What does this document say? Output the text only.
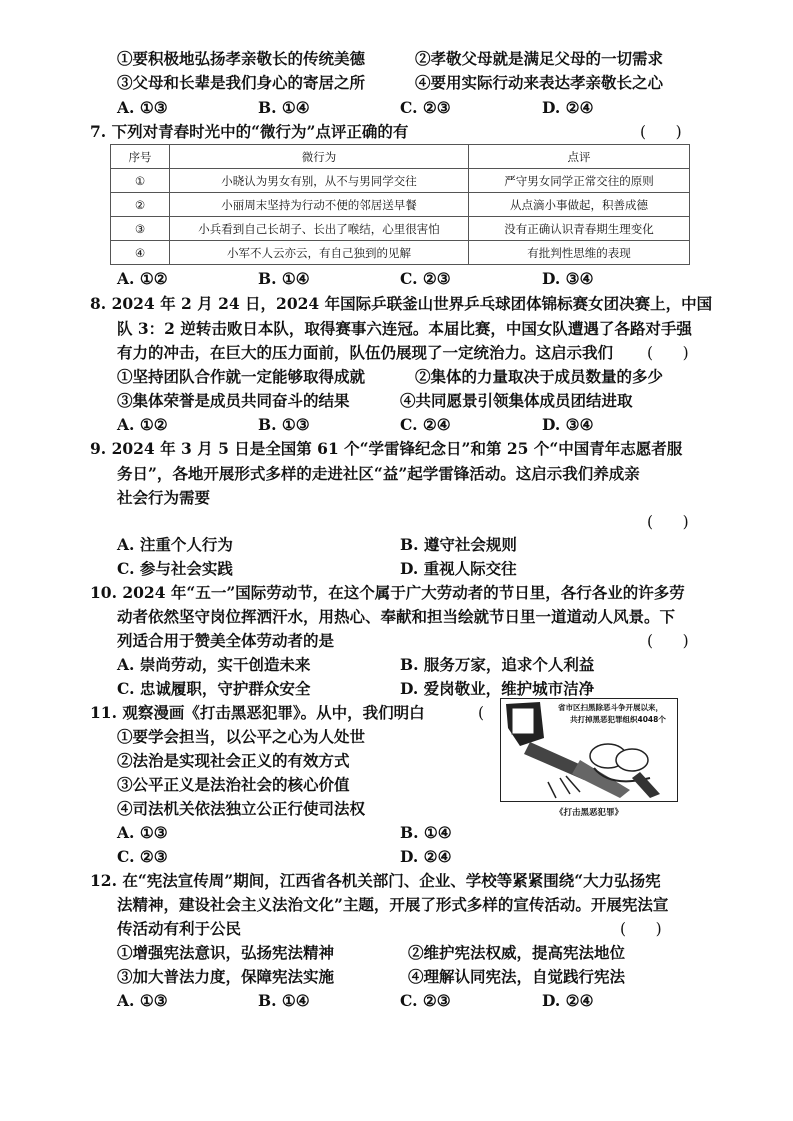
①要积极地弘扬孝亲敬长的传统美德	②孝敬父母就是满足父母的一切需求
③父母和长辈是我们身心的寄居之所	④要用实际行动来表达孝亲敬长之心
A. ①③	B. ①④	C. ②③	D. ②④
7. 下列对青春时光中的“微行为”点评正确的有	(      )
序号	微行为	点评
①	小晓认为男女有别，从不与男同学交往	严守男女同学正常交往的原则
②	小丽周末坚持为行动不便的邻居送早餐	从点滴小事做起，积善成德
③	小兵看到自己长胡子、长出了喉结，心里很害怕	没有正确认识青春期生理变化
④	小军不人云亦云，有自己独到的见解	有批判性思维的表现
A. ①②	B. ①④	C. ②③	D. ③④
8. 2024 年 2 月 24 日，2024 年国际乒联釜山世界乒乓球团体锦标赛女团决赛上，中国
队 3：2 逆转击败日本队，取得赛事六连冠。本届比赛，中国女队遭遇了各路对手强
有力的冲击，在巨大的压力面前，队伍仍展现了一定统治力。这启示我们 (      )
①坚持团队合作就一定能够取得成就	②集体的力量取决于成员数量的多少
③集体荣誉是成员共同奋斗的结果	④共同愿景引领集体成员团结进取
A. ①②	B. ①③	C. ②④	D. ③④
9. 2024 年 3 月 5 日是全国第 61 个“学雷锋纪念日”和第 25 个“中国青年志愿者服
务日”，各地开展形式多样的走进社区“益”起学雷锋活动。这启示我们养成亲
社会行为需要
(      )
A. 注重个人行为	B. 遵守社会规则
C. 参与社会实践	D. 重视人际交往
10. 2024 年“五一”国际劳动节，在这个属于广大劳动者的节日里，各行各业的许多劳
动者依然坚守岗位挥洒汗水，用热心、奉献和担当绘就节日里一道道动人风景。下
列适合用于赞美全体劳动者的是	(      )
A. 崇尚劳动，实干创造未来	B. 服务万家，追求个人利益
C. 忠诚履职，守护群众安全	D. 爱岗敬业，维护城市洁净
11. 观察漫画《打击黑恶犯罪》。从中，我们明白	(
①要学会担当，以公平之心为人处世
②法治是实现社会正义的有效方式
③公平正义是法治社会的核心价值
④司法机关依法独立公正行使司法权
A. ①③	B. ①④
C. ②③	D. ②④
省市区扫黑除恶斗争开展以来，
共打掉黑恶犯罪组织4048个
《打击黑恶犯罪》
12. 在“宪法宣传周”期间，江西省各机关部门、企业、学校等紧紧围绕“大力弘扬宪
法精神，建设社会主义法治文化”主题，开展了形式多样的宣传活动。开展宪法宣
传活动有利于公民	(      )
①增强宪法意识，弘扬宪法精神	②维护宪法权威，提高宪法地位
③加大普法力度，保障宪法实施	④理解认同宪法，自觉践行宪法
A. ①③	B. ①④	C. ②③	D. ②④
